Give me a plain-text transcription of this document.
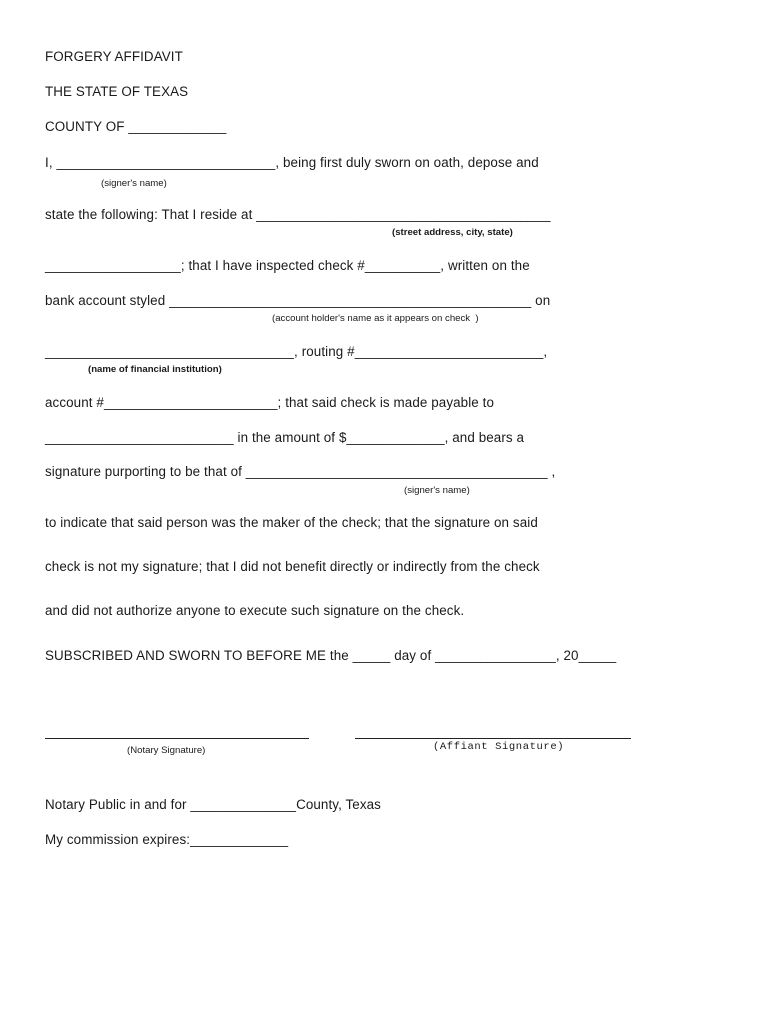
FORGERY AFFIDAVIT
THE STATE OF TEXAS
COUNTY OF _____________
I, _____________________________, being first duly sworn on oath, depose and
(signer's name)
state the following: That I reside at _______________________________________
(street address, city, state)
__________________; that I have inspected check #__________, written on the
bank account styled ________________________________________________ on
(account holder's name as it appears on check  )
_________________________________, routing #_________________________,
(name of financial institution)
account #_______________________; that said check is made payable to
_________________________ in the amount of $_____________, and bears a
signature purporting to be that of ________________________________________ ,
(signer's name)
to indicate that said person was the maker of the check; that the signature on said
check is not my signature; that I did not benefit directly or indirectly from the check
and did not authorize anyone to execute such signature on the check.
SUBSCRIBED AND SWORN TO BEFORE ME the _____ day of ________________, 20_____
(Notary Signature)	(Affiant Signature)
Notary Public in and for ______________County, Texas
My commission expires:_____________
